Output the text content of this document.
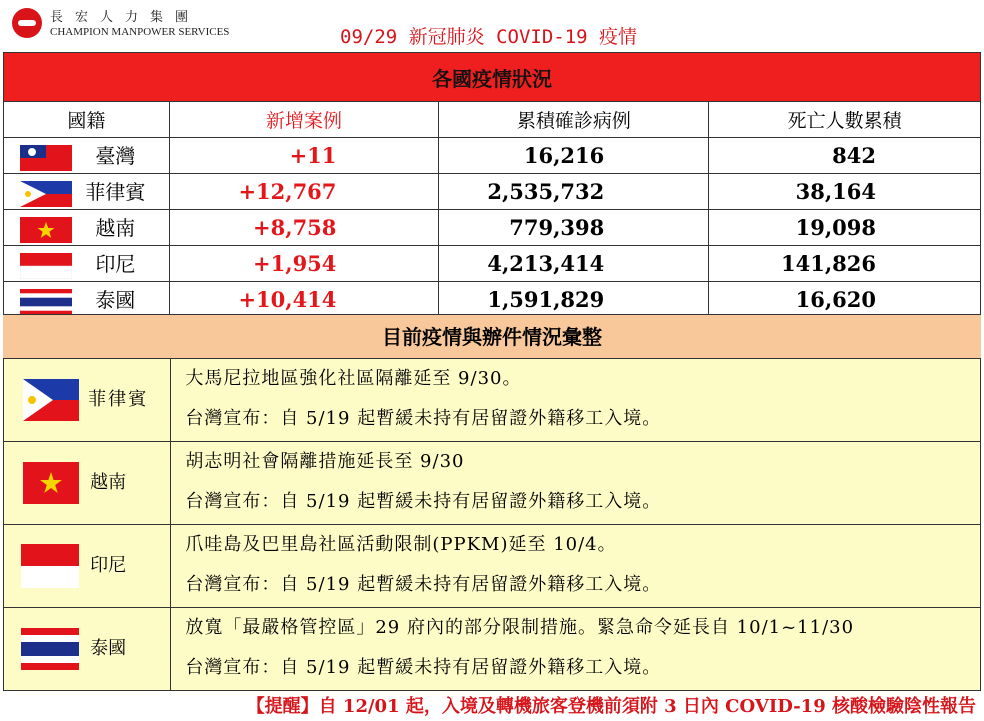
長宏人力集團
CHAMPION MANPOWER SERVICES	09/29 新冠肺炎 COVID-19 疫情
各國疫情狀況			
國籍	新增案例	累積確診病例	死亡人數累積

臺灣	+11	16,216	842
菲律賓	+12,767	2,535,732	38,164
越南	+8,758	779,398	19,098
印尼	+1,954	4,213,414	141,826
泰國	+10,414	1,591,829	16,620
目前疫情與辦件情況彙整
菲律賓	大馬尼拉地區強化社區隔離延至 9/30。
台灣宣布：自 5/19 起暫緩未持有居留證外籍移工入境。

越南	胡志明社會隔離措施延長至 9/30
台灣宣布：自 5/19 起暫緩未持有居留證外籍移工入境。

印尼	爪哇島及巴里島社區活動限制(PPKM)延至 10/4。
台灣宣布：自 5/19 起暫緩未持有居留證外籍移工入境。

泰國	放寬「最嚴格管控區」29 府內的部分限制措施。緊急命令延長自 10/1~11/30
台灣宣布：自 5/19 起暫緩未持有居留證外籍移工入境。
【提醒】自 12/01 起，入境及轉機旅客登機前須附 3 日內 COVID-19 核酸檢驗陰性報告
